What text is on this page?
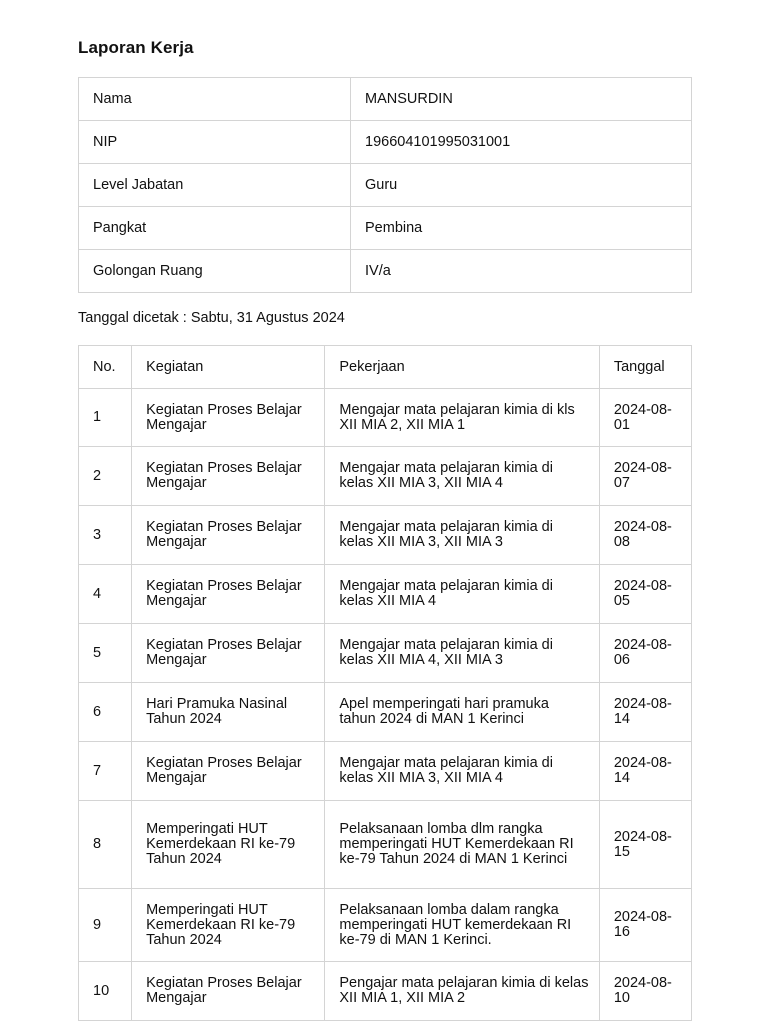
Laporan Kerja
Nama	MANSURDIN
NIP	196604101995031001
Level Jabatan	Guru
Pangkat	Pembina
Golongan Ruang	IV/a
Tanggal dicetak : Sabtu, 31 Agustus 2024
No.	Kegiatan	Pekerjaan	Tanggal
1	Kegiatan Proses Belajar Mengajar	Mengajar mata pelajaran kimia di kls XII MIA 2, XII MIA 1	2024-08-01
2	Kegiatan Proses Belajar Mengajar	Mengajar mata pelajaran kimia di kelas XII MIA 3, XII MIA 4	2024-08-07
3	Kegiatan Proses Belajar Mengajar	Mengajar mata pelajaran kimia di kelas XII MIA 3, XII MIA 3	2024-08-08
4	Kegiatan Proses Belajar Mengajar	Mengajar mata pelajaran kimia di kelas XII MIA 4	2024-08-05
5	Kegiatan Proses Belajar Mengajar	Mengajar mata pelajaran kimia di kelas XII MIA 4, XII MIA 3	2024-08-06
6	Hari Pramuka Nasinal Tahun 2024	Apel memperingati hari pramuka tahun 2024 di MAN 1 Kerinci	2024-08-14
7	Kegiatan Proses Belajar Mengajar	Mengajar mata pelajaran kimia di kelas XII MIA 3, XII MIA 4	2024-08-14
8	Memperingati HUT Kemerdekaan RI ke-79 Tahun 2024	Pelaksanaan lomba dlm rangka memperingati HUT Kemerdekaan RI ke-79 Tahun 2024 di MAN 1 Kerinci	2024-08-15
9	Memperingati HUT Kemerdekaan RI ke-79 Tahun 2024	Pelaksanaan lomba dalam rangka memperingati HUT kemerdekaan RI ke-79 di MAN 1 Kerinci.	2024-08-16
10	Kegiatan Proses Belajar Mengajar	Pengajar mata pelajaran kimia di kelas XII MIA 1, XII MIA 2	2024-08-10
